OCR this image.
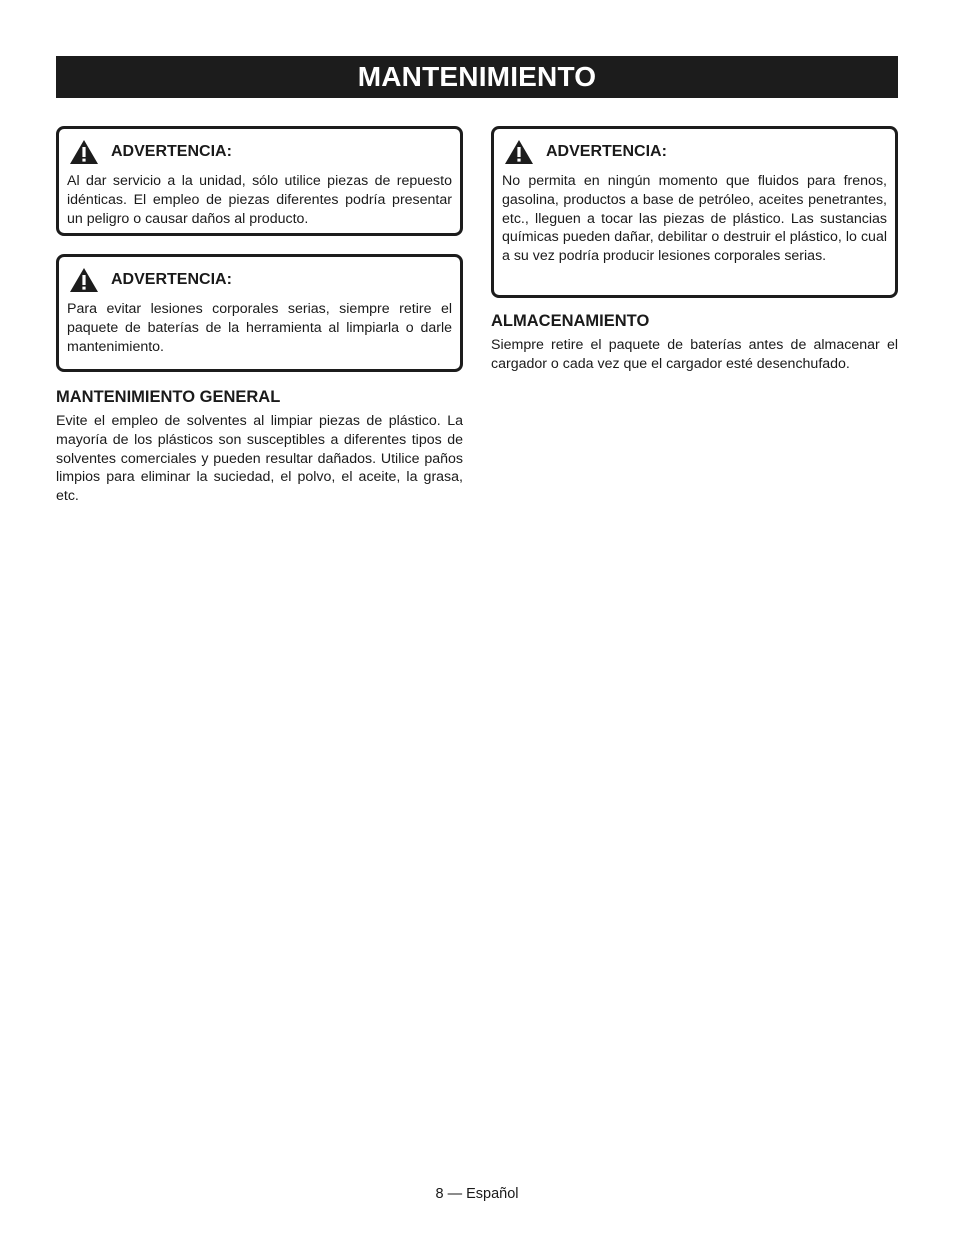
MANTENIMIENTO
ADVERTENCIA:
Al dar servicio a la unidad, sólo utilice piezas de repuesto idénticas. El empleo de piezas diferentes podría presentar un peligro o causar daños al producto.
ADVERTENCIA:
Para evitar lesiones corporales serias, siempre retire el paquete de baterías de la herramienta al limpiarla o darle mantenimiento.
MANTENIMIENTO GENERAL

Evite el empleo de solventes al limpiar piezas de plástico. La mayoría de los plásticos son susceptibles a diferentes tipos de solventes comerciales y pueden resultar dañados. Utilice paños limpios para eliminar la suciedad, el polvo, el aceite, la grasa, etc.

ADVERTENCIA:
No permita en ningún momento que fluidos para frenos, gasolina, productos a base de petróleo, aceites penetrantes, etc., lleguen a tocar las piezas de plástico. Las sustancias químicas pueden dañar, debilitar o destruir el plástico, lo cual a su vez podría producir lesiones corporales serias.
ALMACENAMIENTO

Siempre retire el paquete de baterías antes de almacenar el cargador o cada vez que el cargador esté desenchufado.

8 — Español
